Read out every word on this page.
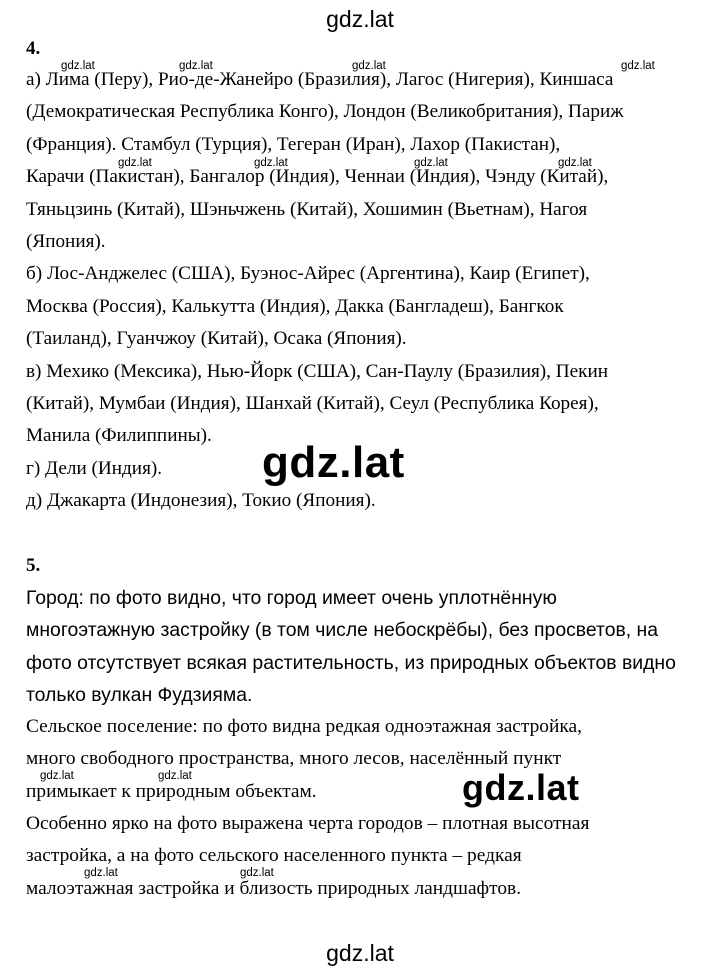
4.
а) Лима (Перу), Рио-де-Жанейро (Бразилия), Лагос (Нигерия), Киншаса
(Демократическая Республика Конго), Лондон (Великобритания), Париж
(Франция). Стамбул (Турция), Тегеран (Иран), Лахор (Пакистан),
Карачи (Пакистан), Бангалор (Индия), Ченнаи (Индия), Чэнду (Китай),
Тяньцзинь (Китай), Шэньчжень (Китай), Хошимин (Вьетнам), Нагоя
(Япония).
б) Лос-Анджелес (США), Буэнос-Айрес (Аргентина), Каир (Египет),
Москва (Россия), Калькутта (Индия), Дакка (Бангладеш), Бангкок
(Таиланд), Гуанчжоу (Китай), Осака (Япония).
в) Мехико (Мексика), Нью-Йорк (США), Сан-Паулу (Бразилия), Пекин
(Китай), Мумбаи (Индия), Шанхай (Китай), Сеул (Республика Корея),
Манила (Филиппины).
г) Дели (Индия).
д) Джакарта (Индонезия), Токио (Япония).
5.
Город: по фото видно, что город имеет очень уплотнённую
многоэтажную застройку (в том числе небоскрёбы), без просветов, на
фото отсутствует всякая растительность, из природных объектов видно
только вулкан Фудзияма.
Сельское поселение: по фото видна редкая одноэтажная застройка,
много свободного пространства, много лесов, населённый пункт
примыкает к природным объектам.
Особенно ярко на фото выражена черта городов – плотная высотная
застройка, а на фото сельского населенного пункта – редкая
малоэтажная застройка и близость природных ландшафтов.
gdz.lat
gdz.lat
gdz.lat
gdz.lat
gdz.lat	gdz.lat	gdz.lat	gdz.lat
gdz.lat	gdz.lat	gdz.lat	gdz.lat
gdz.lat	gdz.lat
gdz.lat	gdz.lat
